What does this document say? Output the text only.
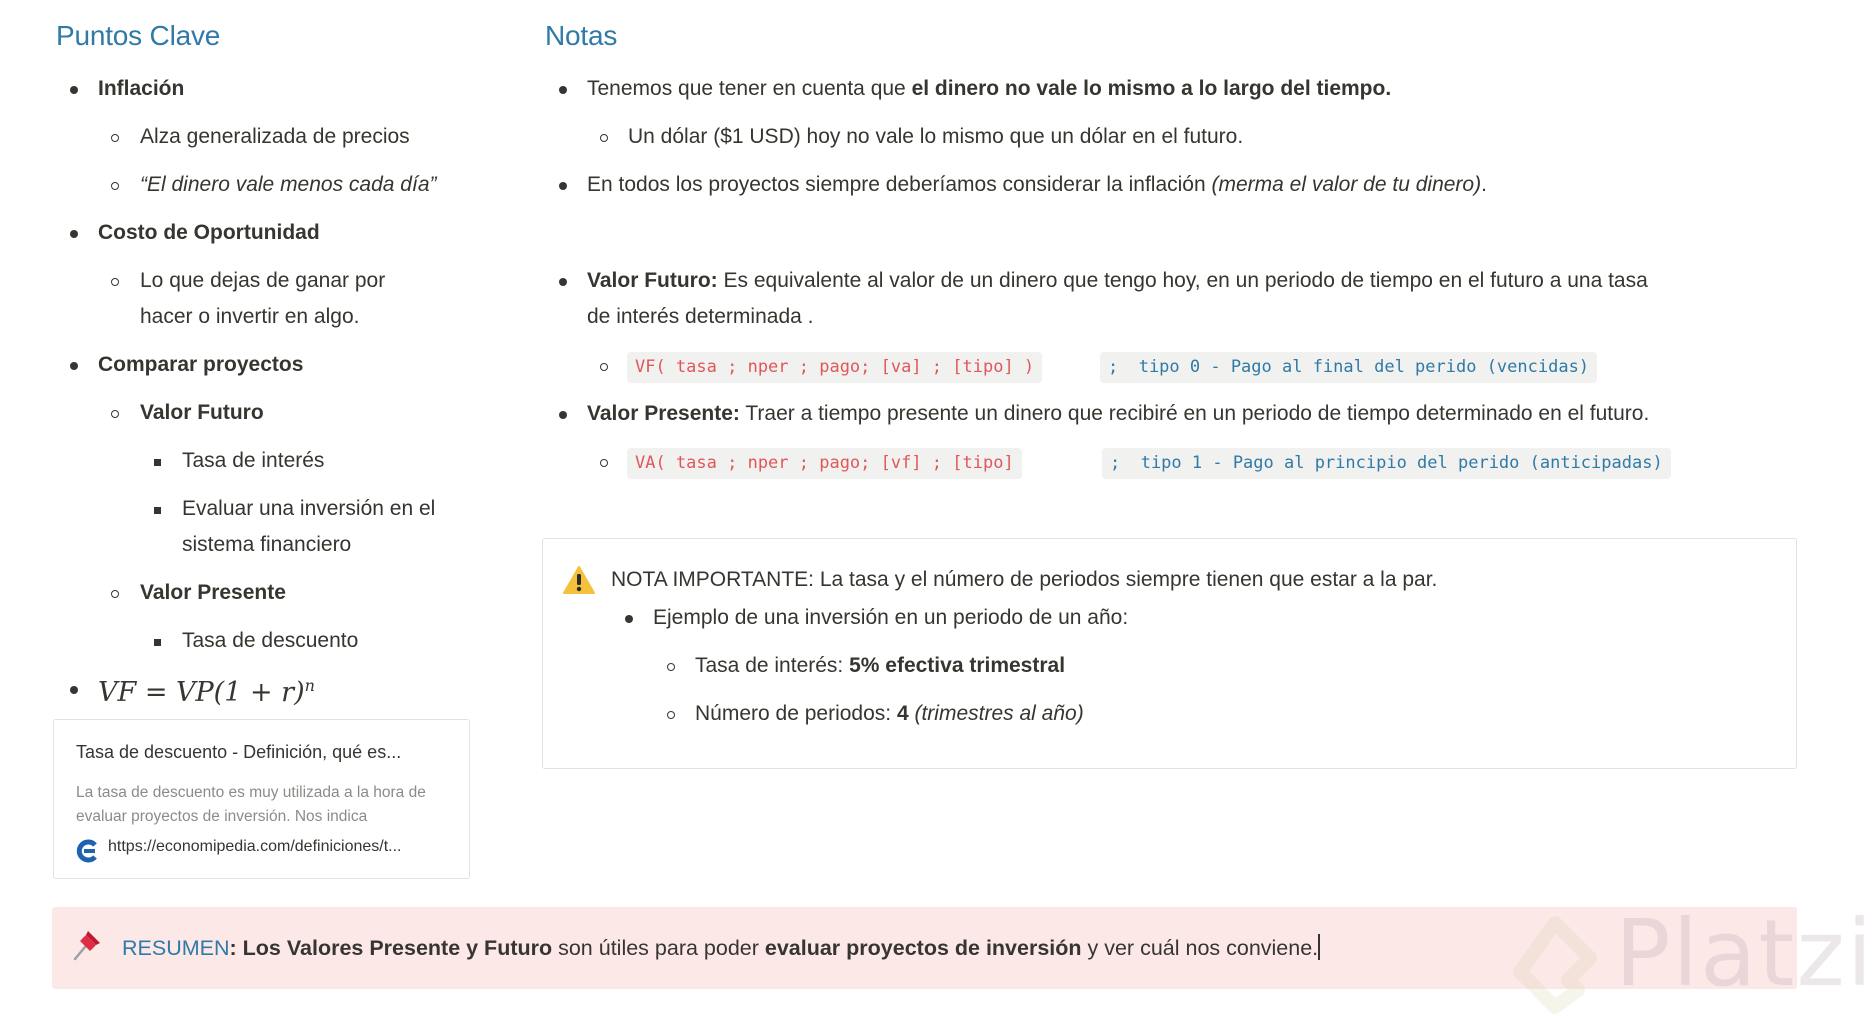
Puntos Clave
Inflación
Alza generalizada de precios
“El dinero vale menos cada día”
Costo de Oportunidad
Lo que dejas de ganar por
hacer o invertir en algo.
Comparar proyectos
Valor Futuro
Tasa de interés
Evaluar una inversión en el
sistema financiero
Valor Presente
Tasa de descuento
VF = $VP(1 + r)^n$
Tasa de descuento - Definición, qué es...
La tasa de descuento es muy utilizada a la hora de evaluar proyectos de inversión. Nos indica
https://economipedia.com/definiciones/t...
Notas
Tenemos que tener en cuenta que el dinero no vale lo mismo a lo largo del tiempo.
Un dólar ($1 USD) hoy no vale lo mismo que un dólar en el futuro.
En todos los proyectos siempre deberíamos considerar la inflación (merma el valor de tu dinero).
Valor Futuro: Es equivalente al valor de un dinero que tengo hoy, en un periodo de tiempo en el futuro a una tasa
de interés determinada .
VF( tasa ; nper ; pago; [va] ; [tipo] )	;  tipo 0 - Pago al final del perido (vencidas)
Valor Presente: Traer a tiempo presente un dinero que recibiré en un periodo de tiempo determinado en el futuro.
VA( tasa ; nper ; pago; [vf] ; [tipo]	;  tipo 1 - Pago al principio del perido (anticipadas)
NOTA IMPORTANTE: La tasa y el número de periodos siempre tienen que estar a la par.
Ejemplo de una inversión en un periodo de un año:
Tasa de interés: 5% efectiva trimestral
Número de periodos: 4 (trimestres al año)
RESUMEN: Los Valores Presente y Futuro son útiles para poder evaluar proyectos de inversión y ver cuál nos conviene.	Platzi
